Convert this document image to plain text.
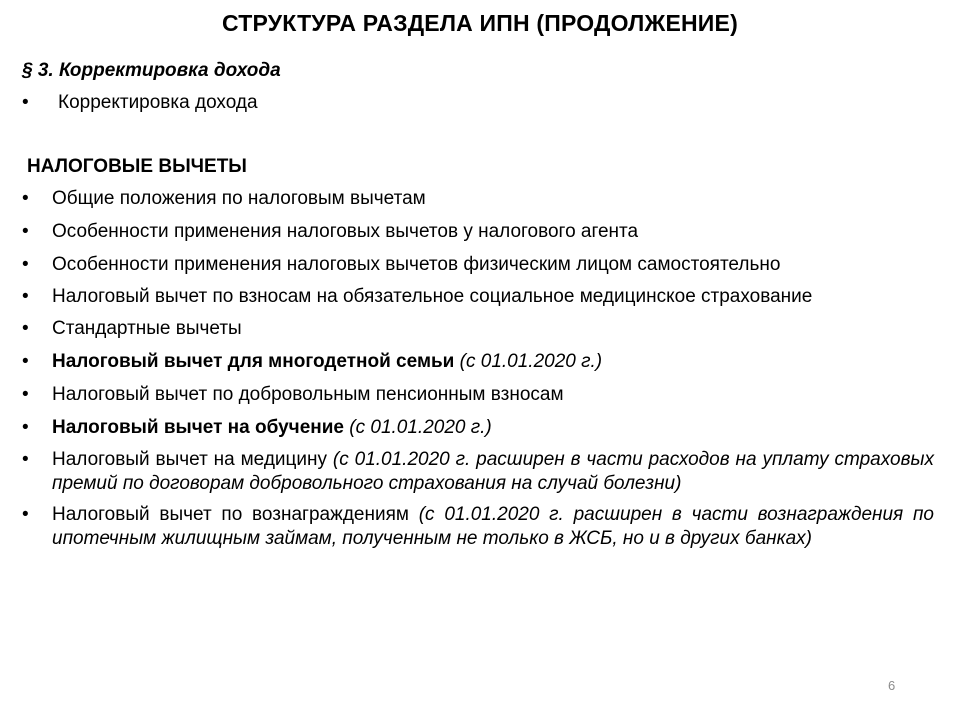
СТРУКТУРА РАЗДЕЛА ИПН (ПРОДОЛЖЕНИЕ)
§ 3. Корректировка дохода
• Корректировка дохода
НАЛОГОВЫЕ ВЫЧЕТЫ
•	Общие положения по налоговым вычетам
•	Особенности применения налоговых вычетов у налогового агента
•	Особенности применения налоговых вычетов физическим лицом самостоятельно
•	Налоговый вычет по взносам на обязательное социальное медицинское страхование
•	Стандартные вычеты
•	Налоговый вычет для многодетной семьи (с 01.01.2020 г.)
•	Налоговый вычет по добровольным пенсионным взносам
•	Налоговый вычет на обучение (с 01.01.2020 г.)
•	Налоговый вычет на медицину (с 01.01.2020 г. расширен в части расходов на уплату страховых премий по договорам добровольного страхования на случай болезни)
•	Налоговый вычет по вознаграждениям (с 01.01.2020 г. расширен в части вознаграждения по ипотечным жилищным займам, полученным не только в ЖСБ, но и в других банках)
6
